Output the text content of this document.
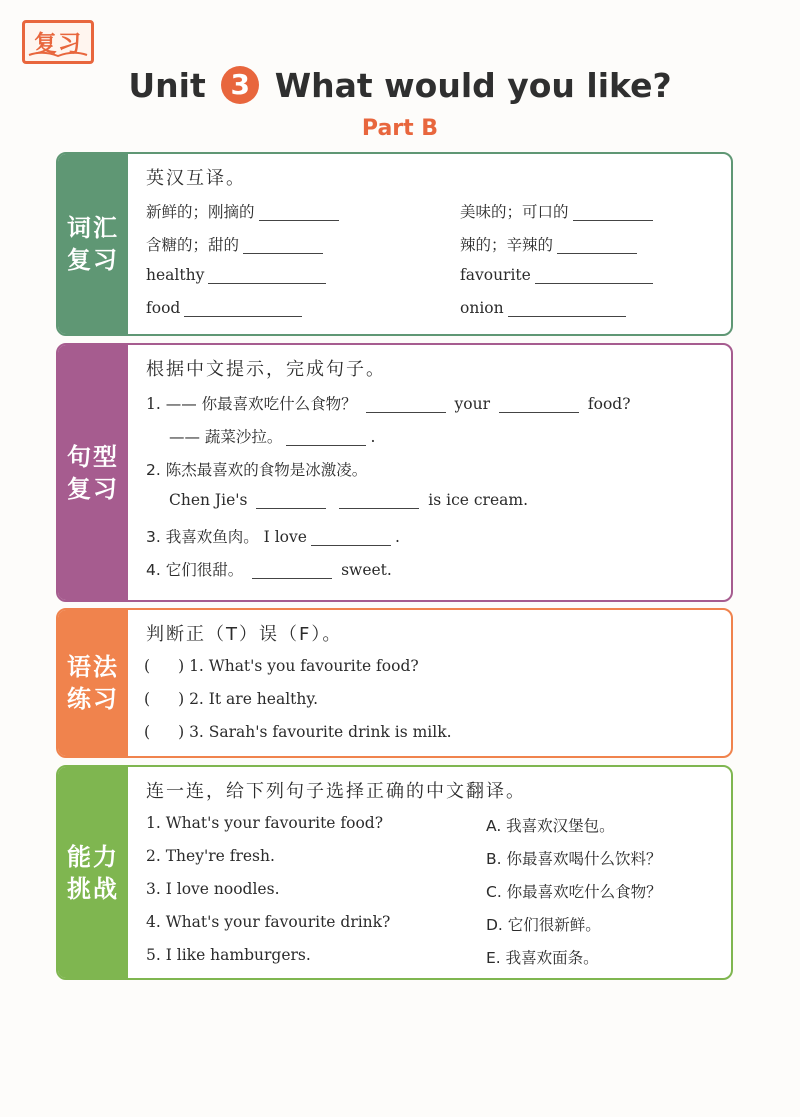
复习
Unit 3 What would you like?
Part B
词汇
复习
英汉互译。
新鲜的；刚摘的	美味的；可口的
含糖的；甜的	辣的；辛辣的
healthy	favourite
food	onion
句型
复习
根据中文提示，完成句子。
1. —— 你最喜欢吃什么食物？	your	food?
—— 蔬菜沙拉。	.
2. 陈杰最喜欢的食物是冰激凌。
Chen Jie's	is ice cream.
3. 我喜欢鱼肉。 I love	.
4. 它们很甜。	sweet.
语法
练习
判断正（T）误（F）。
( ) 1. What's you favourite food?
( ) 2. It are healthy.
( ) 3. Sarah's favourite drink is milk.
能力
挑战
连一连，给下列句子选择正确的中文翻译。
1. What's your favourite food?
2. They're fresh.
3. I love noodles.
4. What's your favourite drink?
5. I like hamburgers.
A. 我喜欢汉堡包。
B. 你最喜欢喝什么饮料？
C. 你最喜欢吃什么食物？
D. 它们很新鲜。
E. 我喜欢面条。
